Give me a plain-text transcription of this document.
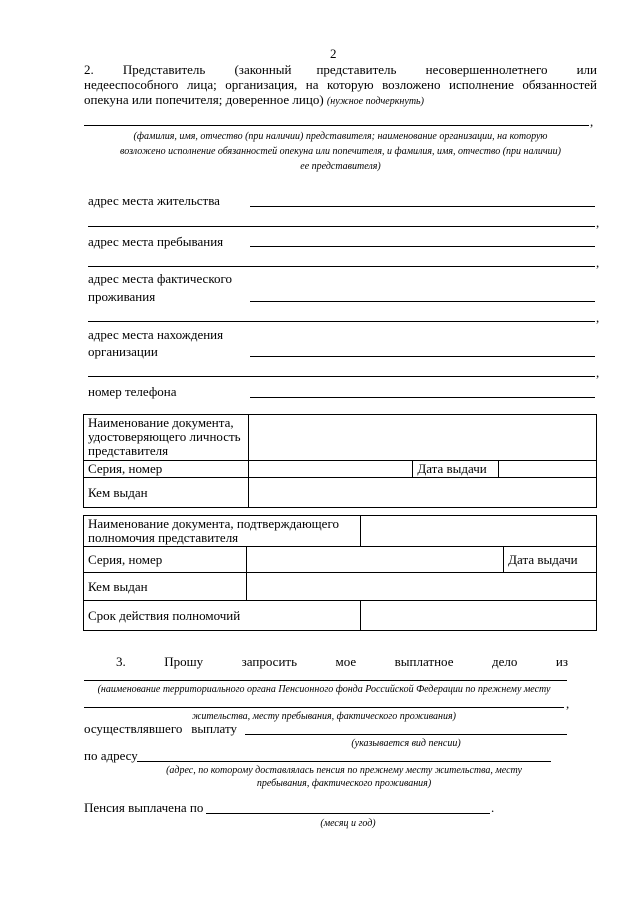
2
2.       Представитель       (законный      представитель       несовершеннолетнего       или
недееспособного лица; организация, на которую возложено исполнение обязанностей
опекуна или попечителя; доверенное лицо) (нужное подчеркнуть)
,
(фамилия, имя, отчество (при наличии) представителя; наименование организации, на которую
возложено исполнение обязанностей опекуна или попечителя, и фамилия, имя, отчество (при наличии)
ее представителя)
адрес места жительства
,
адрес места пребывания
,
адрес места фактического
проживания
,
адрес места нахождения
организации
,
номер телефона
Наименование документа, удостоверяющего личность представителя			
Серия, номер		Дата выдачи	
Кем выдан			
Наименование документа, подтверждающего полномочия представителя			
Серия, номер			Дата выдачи
Кем выдан			
Срок действия полномочий			
3.	Прошу	запросить	мое	выплатное	дело	из
(наименование территориального органа Пенсионного фонда Российской Федерации по прежнему месту
,
жительства, месту пребывания, фактического проживания)
осуществлявшего выплату
(указывается вид пенсии)
по адресу
(адрес, по которому доставлялась пенсия по прежнему месту жительства, месту
пребывания, фактического проживания)
Пенсия выплачена по	.
(месяц и год)
